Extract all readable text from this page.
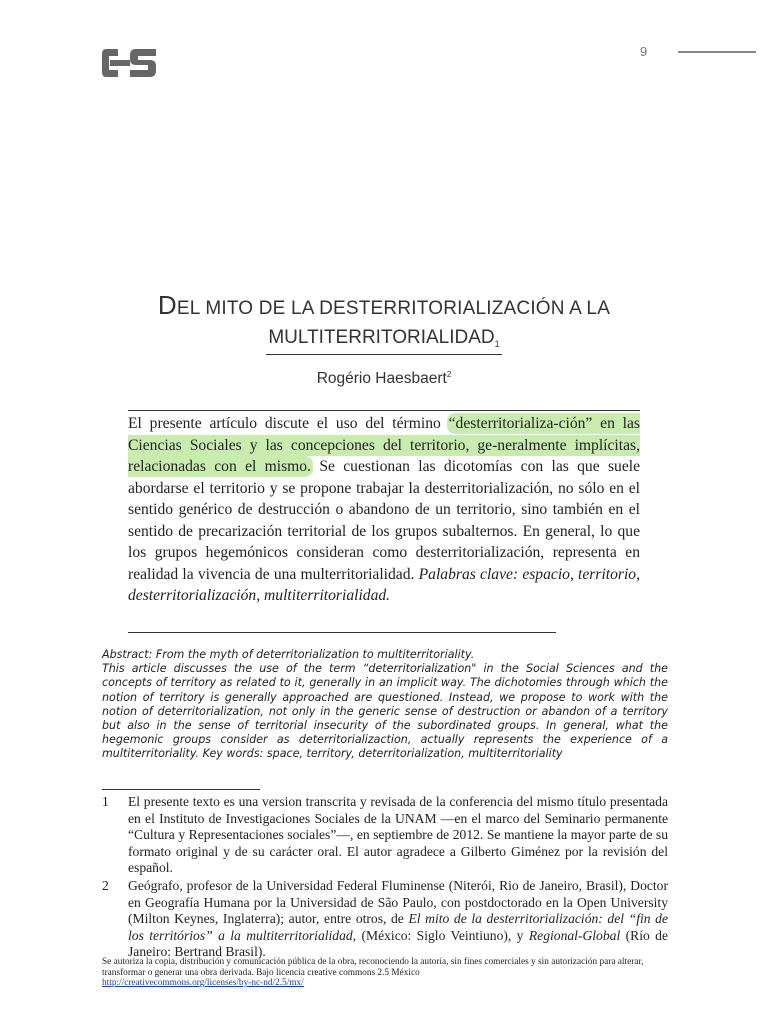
9
DEL MITO DE LA DESTERRITORIALIZACIÓN A LA
MULTITERRITORIALIDAD$^1$
Rogério Haesbaert$^2$
El presente artículo discute el uso del término “desterritorializa-ción” en las Ciencias Sociales y las concepciones del territorio, ge-neralmente implícitas, relacionadas con el mismo. Se cuestionan las dicotomías con las que suele abordarse el territorio y se propone trabajar la desterritorialización, no sólo en el sentido genérico de destrucción o abandono de un territorio, sino también en el sentido de precarización territorial de los grupos subalternos. En general, lo que los grupos hegemónicos consideran como desterritorialización, representa en realidad la vivencia de una multerritorialidad. Palabras clave: espacio, territorio, desterritorialización, multiterritorialidad.
Abstract: From the myth of deterritorialization to multiterritoriality.
This article discusses the use of the term “deterritorialization" in the Social Sciences and the concepts of territory as related to it, generally in an implicit way. The dichotomies through which the notion of territory is generally approached are questioned. Instead, we propose to work with the notion of deterritorialization, not only in the generic sense of destruction or abandon of a territory but also in the sense of territorial insecurity of the subordinated groups. In general, what the hegemonic groups consider as deterritorializaction, actually represents the experience of a multiterritoriality. Key words: space, territory, deterritorialization, multiterritoriality
1	El presente texto es una version transcrita y revisada de la conferencia del mismo título presentada en el Instituto de Investigaciones Sociales de la UNAM —en el marco del Seminario permanente “Cultura y Representaciones sociales”—, en septiembre de 2012. Se mantiene la mayor parte de su formato original y de su carácter oral. El autor agradece a Gilberto Giménez por la revisión del español.
2	Geógrafo, profesor de la Universidad Federal Fluminense (Niterói, Rio de Janeiro, Brasil), Doctor en Geografía Humana por la Universidad de São Paulo, con postdoctorado en la Open University (Milton Keynes, Inglaterra); autor, entre otros, de El mito de la desterritorialización: del “fin de los territórios” a la multiterritorialidad, (México: Siglo Veintiuno), y Regional-Global (Río de Janeiro: Bertrand Brasil).
Se autoriza la copia, distribución y comunicación pública de la obra, reconociendo la autoría, sin fines comerciales y sin autorización para alterar, transformar o generar una obra derivada. Bajo licencia creative commons 2.5 México
http://creativecommons.org/licenses/by-nc-nd/2.5/mx/
